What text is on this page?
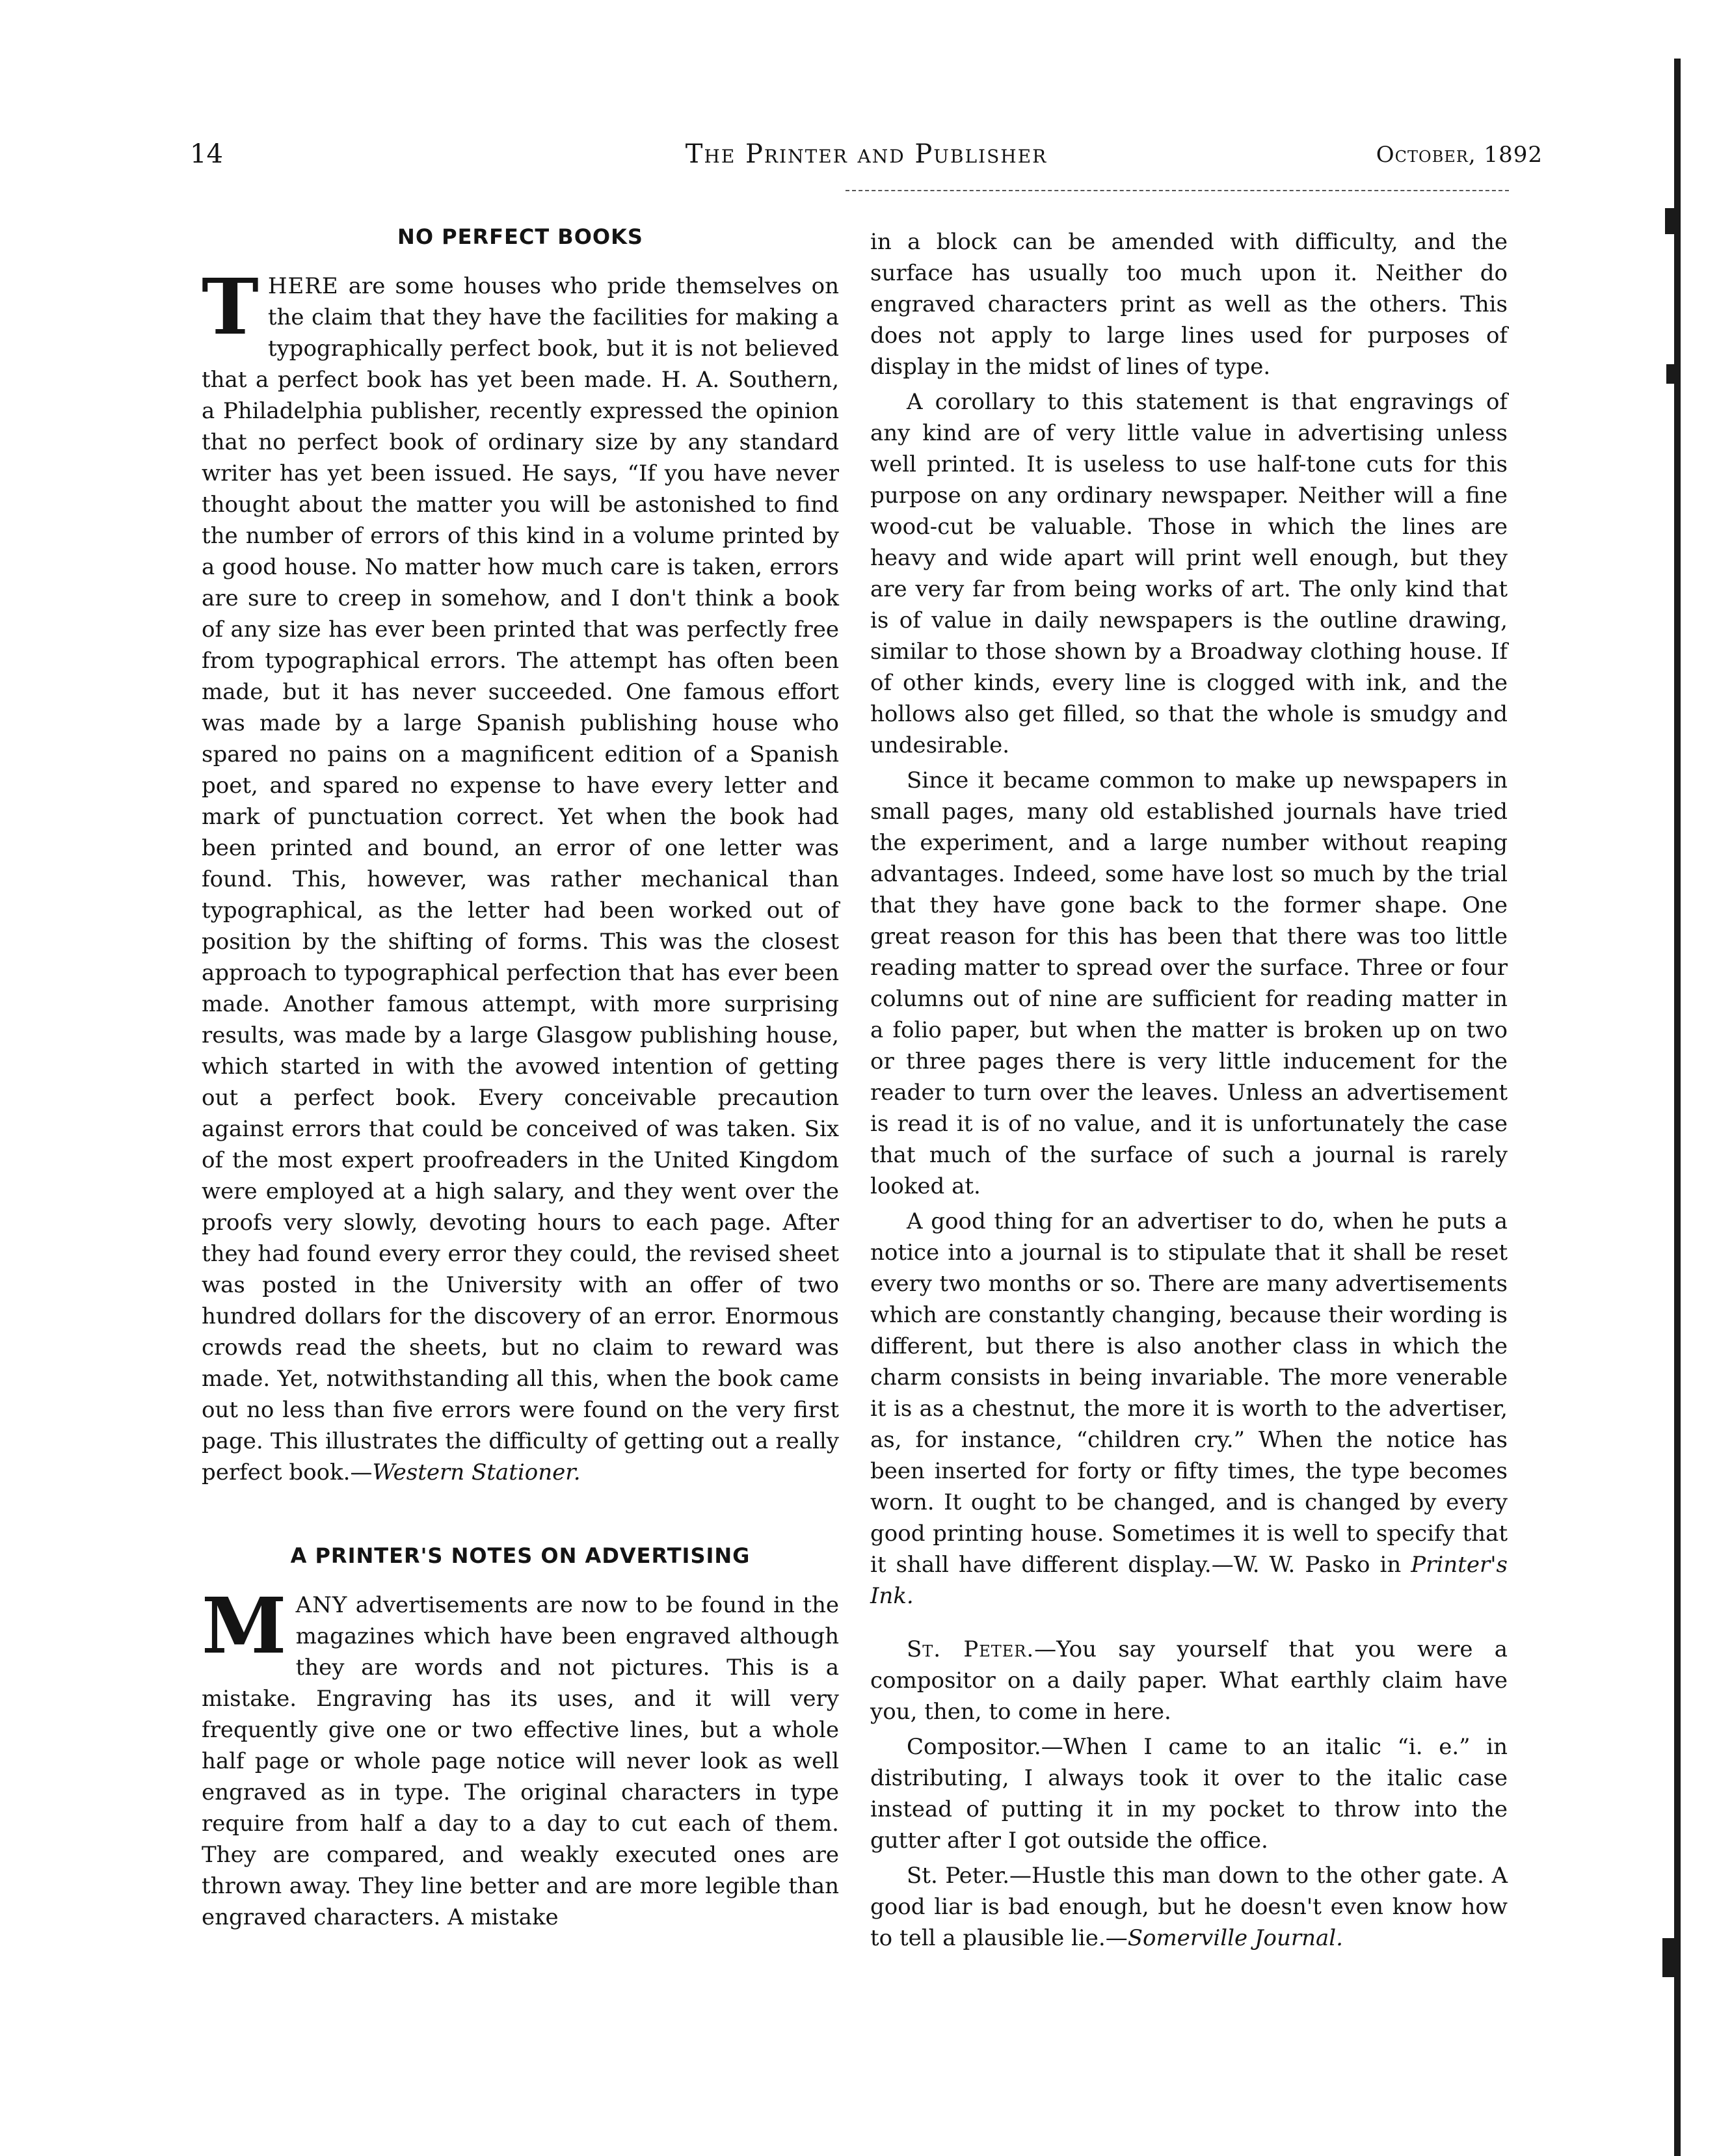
14	The Printer and Publisher	October, 1892
NO PERFECT BOOKS

THERE are some houses who pride themselves on the claim that they have the facilities for making a typographically perfect book, but it is not believed that a perfect book has yet been made. H. A. Southern, a Philadelphia publisher, recently expressed the opinion that no perfect book of ordinary size by any standard writer has yet been issued. He says, “If you have never thought about the matter you will be astonished to find the number of errors of this kind in a volume printed by a good house. No matter how much care is taken, errors are sure to creep in somehow, and I don't think a book of any size has ever been printed that was perfectly free from typographical errors. The attempt has often been made, but it has never succeeded. One famous effort was made by a large Spanish publishing house who spared no pains on a magnificent edition of a Spanish poet, and spared no expense to have every letter and mark of punctuation correct. Yet when the book had been printed and bound, an error of one letter was found. This, however, was rather mechanical than typographical, as the letter had been worked out of position by the shifting of forms. This was the closest approach to typographical perfection that has ever been made. Another famous attempt, with more surprising results, was made by a large Glasgow publishing house, which started in with the avowed intention of getting out a perfect book. Every conceivable precaution against errors that could be conceived of was taken. Six of the most expert proofreaders in the United Kingdom were employed at a high salary, and they went over the proofs very slowly, devoting hours to each page. After they had found every error they could, the revised sheet was posted in the University with an offer of two hundred dollars for the discovery of an error. Enormous crowds read the sheets, but no claim to reward was made. Yet, notwithstanding all this, when the book came out no less than five errors were found on the very first page. This illustrates the difficulty of getting out a really perfect book.—Western Stationer.

A PRINTER'S NOTES ON ADVERTISING

MANY advertisements are now to be found in the magazines which have been engraved although they are words and not pictures. This is a mistake. Engraving has its uses, and it will very frequently give one or two effective lines, but a whole half page or whole page notice will never look as well engraved as in type. The original characters in type require from half a day to a day to cut each of them. They are compared, and weakly executed ones are thrown away. They line better and are more legible than engraved characters. A mistake

in a block can be amended with difficulty, and the surface has usually too much upon it. Neither do engraved characters print as well as the others. This does not apply to large lines used for purposes of display in the midst of lines of type.

A corollary to this statement is that engravings of any kind are of very little value in advertising unless well printed. It is useless to use half-tone cuts for this purpose on any ordinary newspaper. Neither will a fine wood-cut be valuable. Those in which the lines are heavy and wide apart will print well enough, but they are very far from being works of art. The only kind that is of value in daily newspapers is the outline drawing, similar to those shown by a Broadway clothing house. If of other kinds, every line is clogged with ink, and the hollows also get filled, so that the whole is smudgy and undesirable.

Since it became common to make up newspapers in small pages, many old established journals have tried the experiment, and a large number without reaping advantages. Indeed, some have lost so much by the trial that they have gone back to the former shape. One great reason for this has been that there was too little reading matter to spread over the surface. Three or four columns out of nine are sufficient for reading matter in a folio paper, but when the matter is broken up on two or three pages there is very little inducement for the reader to turn over the leaves. Unless an advertisement is read it is of no value, and it is unfortunately the case that much of the surface of such a journal is rarely looked at.

A good thing for an advertiser to do, when he puts a notice into a journal is to stipulate that it shall be reset every two months or so. There are many advertisements which are constantly changing, because their wording is different, but there is also another class in which the charm consists in being invariable. The more venerable it is as a chestnut, the more it is worth to the advertiser, as, for instance, “children cry.” When the notice has been inserted for forty or fifty times, the type becomes worn. It ought to be changed, and is changed by every good printing house. Sometimes it is well to specify that it shall have different display.—W. W. Pasko in Printer's Ink.

St. Peter.—You say yourself that you were a compositor on a daily paper. What earthly claim have you, then, to come in here.

Compositor.—When I came to an italic “i. e.” in distributing, I always took it over to the italic case instead of putting it in my pocket to throw into the gutter after I got outside the office.

St. Peter.—Hustle this man down to the other gate. A good liar is bad enough, but he doesn't even know how to tell a plausible lie.—Somerville Journal.
